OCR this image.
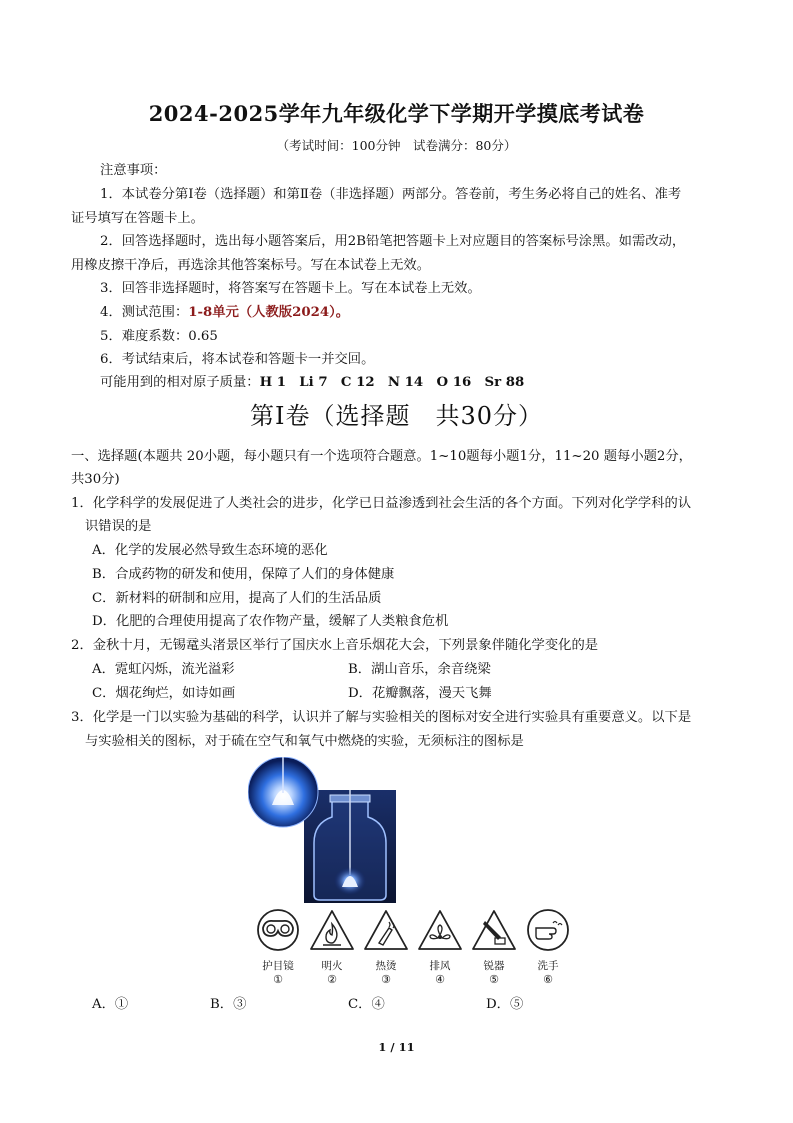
2024-2025学年九年级化学下学期开学摸底考试卷
（考试时间：100分钟　试卷满分：80分）
注意事项：
1．本试卷分第Ⅰ卷（选择题）和第Ⅱ卷（非选择题）两部分。答卷前，考生务必将自己的姓名、准考
证号填写在答题卡上。
2．回答选择题时，选出每小题答案后，用2B铅笔把答题卡上对应题目的答案标号涂黑。如需改动，
用橡皮擦干净后，再选涂其他答案标号。写在本试卷上无效。
3．回答非选择题时，将答案写在答题卡上。写在本试卷上无效。
4．测试范围：1-8单元（人教版2024）。
5．难度系数：0.65
6．考试结束后，将本试卷和答题卡一并交回。
可能用到的相对原子质量：H 1　Li 7　C 12　N 14　O 16　Sr 88
第Ⅰ卷（选择题　共30分）
一、选择题(本题共 20小题，每小题只有一个选项符合题意。1~10题每小题1分，11~20 题每小题2分，
共30分)
1．化学科学的发展促进了人类社会的进步，化学已日益渗透到社会生活的各个方面。下列对化学学科的认
识错误的是
A．化学的发展必然导致生态环境的恶化
B．合成药物的研发和使用，保障了人们的身体健康
C．新材料的研制和应用，提高了人们的生活品质
D．化肥的合理使用提高了农作物产量，缓解了人类粮食危机
2．金秋十月，无锡鼋头渚景区举行了国庆水上音乐烟花大会，下列景象伴随化学变化的是
A．霓虹闪烁，流光溢彩	B．湖山音乐，余音绕梁
C．烟花绚烂，如诗如画	D．花瓣飘落，漫天飞舞
3．化学是一门以实验为基础的科学，认识并了解与实验相关的图标对安全进行实验具有重要意义。以下是
与实验相关的图标，对于硫在空气和氧气中燃烧的实验，无须标注的图标是
护目镜
①
明火
②
热烫
③
排风
④
锐器
⑤
洗手
⑥
A．①	B．③	C．④	D．⑤
1 / 11
